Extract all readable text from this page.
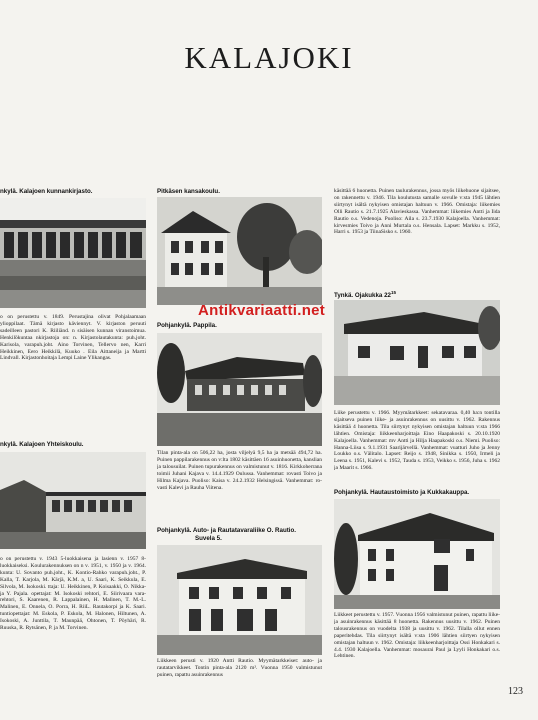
KALAJOKI
nkylä. Kalajoen kunnankirjasto.

o on perustettu v. 1849. Perustajina olivat Pohjalaamaan ylioppilaat. Tämä kirjasto käviennyt. V. kirjaston peruuti sadeilleen pastori K. Riiliänd. n sisäisen kunnan viranstoimua. Henkilökuntaa nkirjastoja on: n. Kirjastolautakunta: puh.joht. Karisola, varapuh.joht. Aino Torvinen, Tellervo nen, Karri Heikkinen, Eero Heikkilä, Kuuko . Eila Aittaneija ja Martti Lindvall. Kirjastonhoitaja Lempi Laine Ylikangas.

nkylä. Kalajoen Yhteiskoulu.

o on perustettu v. 1943 5-luokkaisena ja lasienn v. 1957 8-luokkaiseksi. Koulurakennuksen on n v. 1951, v. 1950 ja v. 1964. kunta: U. Sovanto puh.joht., K. Kontio-Rahko varapuh.joht., P. Kalla, T. Karjola, M. Kärjä, K.M. a, U. Saari, K. Seikkula, E. Silvola, M. Isokoski. ttaja: U. Heikkinen, P. Koisaakki, O. Nikkaja Y. Pajala. opettajat: M. Isokoski rehtori, E. Siirivaara vararehtori, S. Kaarenen, R. Lappalainen, H. Malinen, T. M.-L. Malinen, E. Onnela, O. Porra, H. RiiL. Rautakorpi ja K. Saari. tuntiopettajat: M. Eskola, P. Eskola, M. Halonen, Hiltunen, A. Isokoski, A. Junttila, T. Maunpää, Ohtonen, T. Pöyhäri, R. Ruuska, R. Rytsänen, P. ja M. Torvinen.

Pitkäsen kansakoulu.
Pohjankylä. Pappila.

Tilan pinta-ala on 506,22 ha, josta viljelyä 9,5 ha ja metsää 494,72 ha. Puinen pappilarakennus on v:lta 1802 käsittäen 16 asuinhuonetta, kanslian ja talousuilat. Puinen tupurakennus on valmistunut v. 1816. Kirkkoherrana toimii Juhani Kajava v. 14.4.1929 Oulussa. Vanhemmat: rovasti Toivo ja Hilma Kajava. Puoliso: Kaisa v. 24.2.1932 Helsingissä. Vanhemmat: rovasti Kalevi ja Rauha Viitena.

Pohjankylä. Auto- ja Rautatavaraliike O. Rautio.
Suvela 5.

Liikkeen perusti v. 1920 Antti Rautio. Myymätarkkeiset: auto- ja rautatarvikkeet. Tontin pinta-ala 2120 m². Vuonna 1950 valmistunut puinen, rapattu asuinrakennus

käsittää 6 huonetta. Puinen taulurakennus, jossa myös liikehuone sijaitsee, on rakennettu v. 1946. Tila koulutusta samalle sovulle v:sta 1945 lähtien siirtynyt isältä nykyisen omistajan haltuun v. 1966. Omistaja: liikemies Olli Rautio s. 21.7.1925 Alavieskassa. Vanhemmat: liikemies Antti ja Iida Rautio o.s. Vedenoja. Puoliso: Aila s. 23.7.1930 Kalajoella. Vanhemmat: kirvesmies Toivo ja Anni Murtala o.s. Hensala. Lapset: Markku s. 1952, Harri s. 1953 ja TiinaSisko s. 1960.

Tynkä. Ojakukka $22^{15}$

Liike perustettu v. 1966. Myymätarkkeet: sekatavaraa. 0,40 ha:n tontilla sijaitseva puinen liike- ja asuinrakennus on uusittu v. 1962. Rakennus käsittää 4 huonetta. Tila siirtynyt nykyisen omistajan haltuun v:sta 1966 lähtien. Omistaja: liikkeenharjoittaja Eino Haapakoski s. 20.10.1920 Kalajoella. Vanhemmat: mv Antti ja Hilja Haapakoski o.s. Niemi. Puoliso: Hanna-Liisa s. 9.1.1931 Saarijärvellä. Vanhemmat: vuatturi Juho ja Jenny Loukko o.s. Välitalo. Lapset: Reijo s. 1948, Sinikka s. 1950, Irmeli ja Leena s. 1951, Kalevi s. 1952, Tauda s. 1953, Veikko s. 1956, Juha s. 1962 ja Maarit s. 1966.

Pohjankylä. Hautaustoimisto ja Kukkakauppa.

Liikkeet perustettu v. 1957. Vuonna 1956 valmistunut puinen, rapattu liike- ja asuinrakennus käsittää 8 huonetta. Rakennus uusittu v. 1962. Puinen talousrakennus on vuodelta 1938 ja uusittu v. 1962. Tilalla ollut ennen paperitehdas. Tila siirtynyt isältä v:sta 1906 lähtien siirtyen nykyisen omistajan haltuun v. 1962. Omistaja: liikkeenharjoittaja Ossi Honkakari s. 4.4. 1930 Kalajoella. Vanhemmat: mosaurai Paul ja Lyyli Honkakari o.s. Lehtinen.

Antikvariaatti.net
123
